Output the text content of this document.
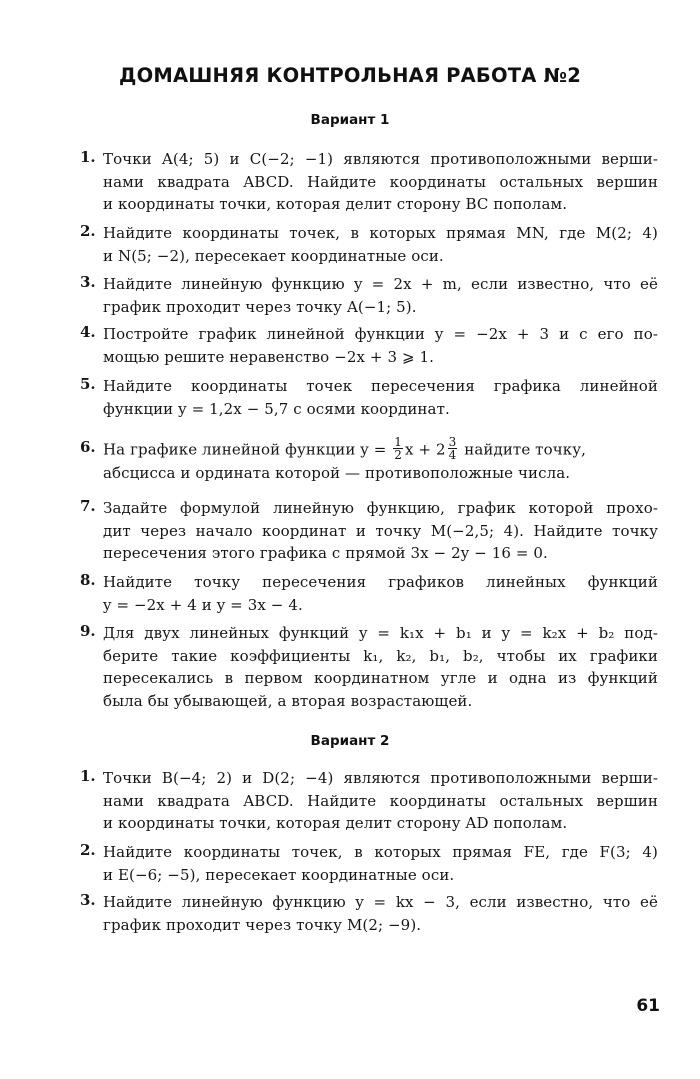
ДОМАШНЯЯ КОНТРОЛЬНАЯ РАБОТА №2
Вариант 1
1. Точки A(4; 5) и C(−2; −1) являются противоположными верши-
нами квадрата ABCD. Найдите координаты остальных вершин
и координаты точки, которая делит сторону BC пополам.
2. Найдите координаты точек, в которых прямая MN, где M(2; 4)
и N(5; −2), пересекает координатные оси.
3. Найдите линейную функцию y = 2x + m, если известно, что её
график проходит через точку A(−1; 5).
4. Постройте график линейной функции y = −2x + 3 и с его по-
мощью решите неравенство −2x + 3 ⩾ 1.
5. Найдите координаты точек пересечения графика линейной
функции y = 1,2x − 5,7 с осями координат.
6. На графике линейной функции $y = \frac{1}{2}$ $x + 2 \frac{3}{4}$ найдите точку,
абсцисса и ордината которой — противоположные числа.
7. Задайте формулой линейную функцию, график которой прохо-
дит через начало координат и точку M(−2,5; 4). Найдите точку
пересечения этого графика с прямой 3x − 2y − 16 = 0.
8. Найдите точку пересечения графиков линейных функций
y = −2x + 4 и y = 3x − 4.
9. Для двух линейных функций y = k₁x + b₁ и y = k₂x + b₂ под-
берите такие коэффициенты k₁, k₂, b₁, b₂, чтобы их графики
пересекались в первом координатном угле и одна из функций
была бы убывающей, а вторая возрастающей.
Вариант 2
1. Точки B(−4; 2) и D(2; −4) являются противоположными верши-
нами квадрата ABCD. Найдите координаты остальных вершин
и координаты точки, которая делит сторону AD пополам.
2. Найдите координаты точек, в которых прямая FE, где F(3; 4)
и E(−6; −5), пересекает координатные оси.
3. Найдите линейную функцию y = kx − 3, если известно, что её
график проходит через точку M(2; −9).
61
